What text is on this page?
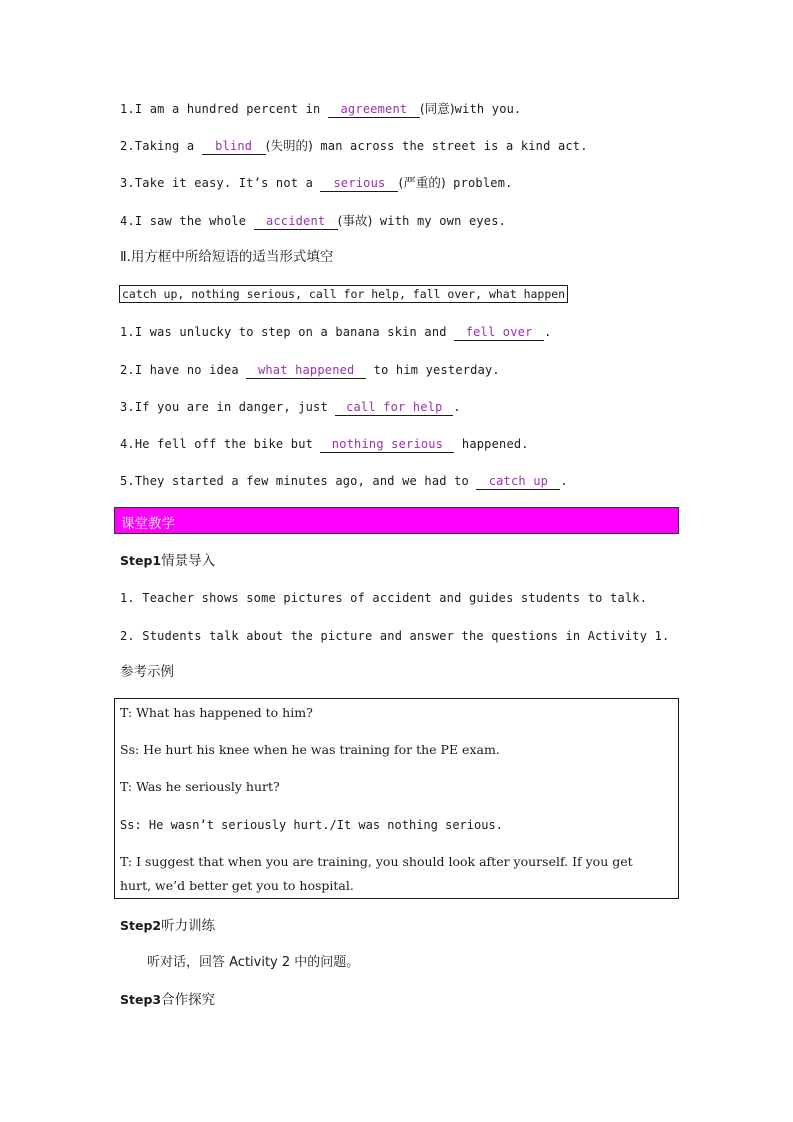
1.I am a hundred percent in agreement (同意)with you.
2.Taking a blind (失明的) man across the street is a kind act.
3.Take it easy. It’s not a serious (严重的) problem.
4.I saw the whole accident (事故) with my own eyes.
Ⅱ.用方框中所给短语的适当形式填空
catch up, nothing serious, call for help, fall over, what happen
1.I was unlucky to step on a banana skin and fell over .
2.I have no idea what happened to him yesterday.
3.If you are in danger, just call for help .
4.He fell off the bike but nothing serious happened.
5.They started a few minutes ago, and we had to catch up .
课堂教学
Step1情景导入
1. Teacher shows some pictures of accident and guides students to talk.
2. Students talk about the picture and answer the questions in Activity 1.
参考示例
T: What has happened to him?
Ss: He hurt his knee when he was training for the PE exam.
T: Was he seriously hurt?
Ss: He wasn’t seriously hurt./It was nothing serious.
T: I suggest that when you are training, you should look after yourself. If you get
hurt, we’d better get you to hospital.
Step2听力训练
听对话，回答 Activity 2 中的问题。
Step3合作探究
